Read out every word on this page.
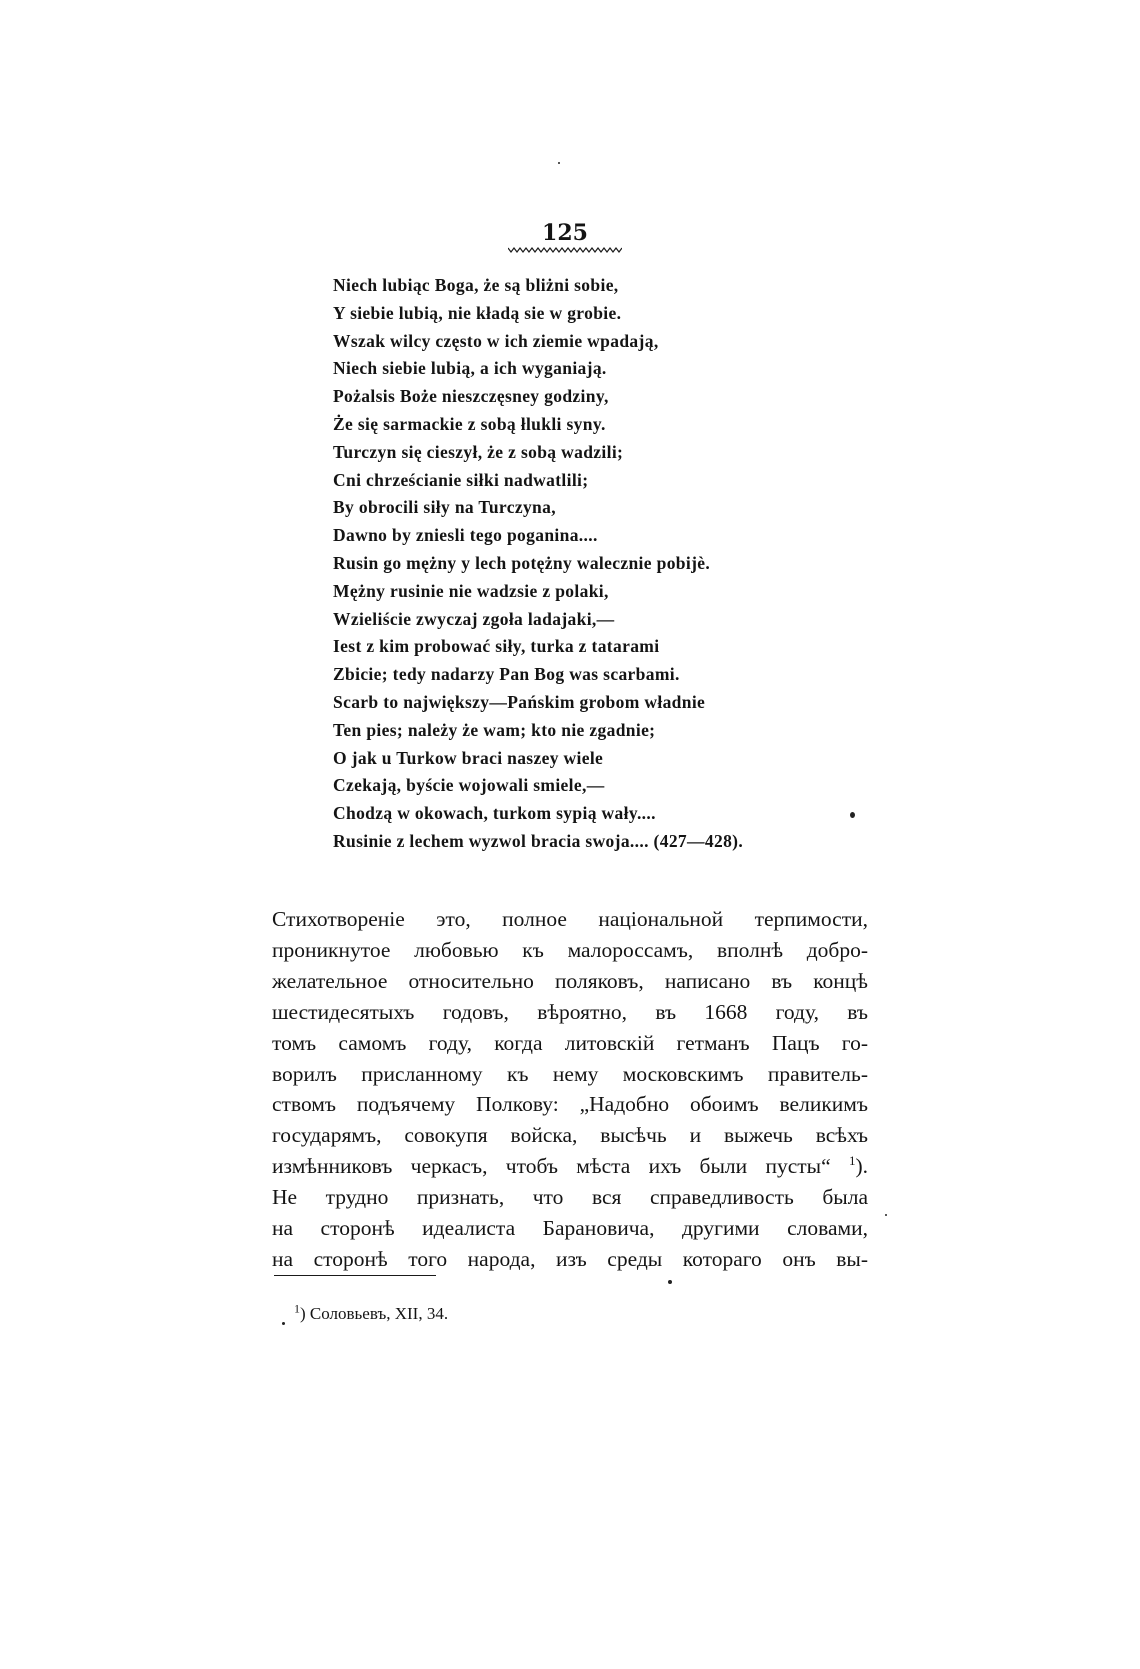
125
Niech lubiąc Boga, że są bliżni sobie,
Y siebie lubią, nie kładą sie w grobie.
Wszak wilcy często w ich ziemie wpadają,
Niech siebie lubią, a ich wyganiają.
Pożalsis Boże nieszczęsney godziny,
Że się sarmackie z sobą łlukli syny.
Turczyn się cieszył, że z sobą wadzili;
Cni chrześcianie siłki nadwatlili;
By obrocili siły na Turczyna,
Dawno by zniesli tego poganina....
Rusin go mężny y lech potężny walecznie pobijè.
Mężny rusinie nie wadzsie z polaki,
Wzieliście zwyczaj zgoła ladajaki,—
Iest z kim probować siły, turka z tatarami
Zbicie; tedy nadarzy Pan Bog was scarbami.
Scarb to największy—Pańskim grobom władnie
Ten pies; należy że wam; kto nie zgadnie;
O jak u Turkow braci naszey wiele
Czekają, byście wojowali smiele,—
Chodzą w okowach, turkom sypią wały....
Rusinie z lechem wyzwol bracia swoja.... (427—428).
Стихотвореніе это, полное національной терпимости,
проникнутое любовью къ малороссамъ, вполнѣ добро-
желательное относительно поляковъ, написано въ концѣ
шестидесятыхъ годовъ, вѣроятно, въ 1668 году, въ
томъ самомъ году, когда литовскій гетманъ Пацъ го-
ворилъ присланному къ нему московскимъ правитель-
ствомъ подъячему Полкову: „Надобно обоимъ великимъ
государямъ, совокупя войска, высѣчь и выжечь всѣхъ
измѣнниковъ черкасъ, чтобъ мѣста ихъ были пусты“ $^1$).
Не трудно признать, что вся справедливость была
на сторонѣ идеалиста Барановича, другими словами,
на сторонѣ того народа, изъ среды котораго онъ вы-
$^1$) Соловьевъ, XII, 34.
